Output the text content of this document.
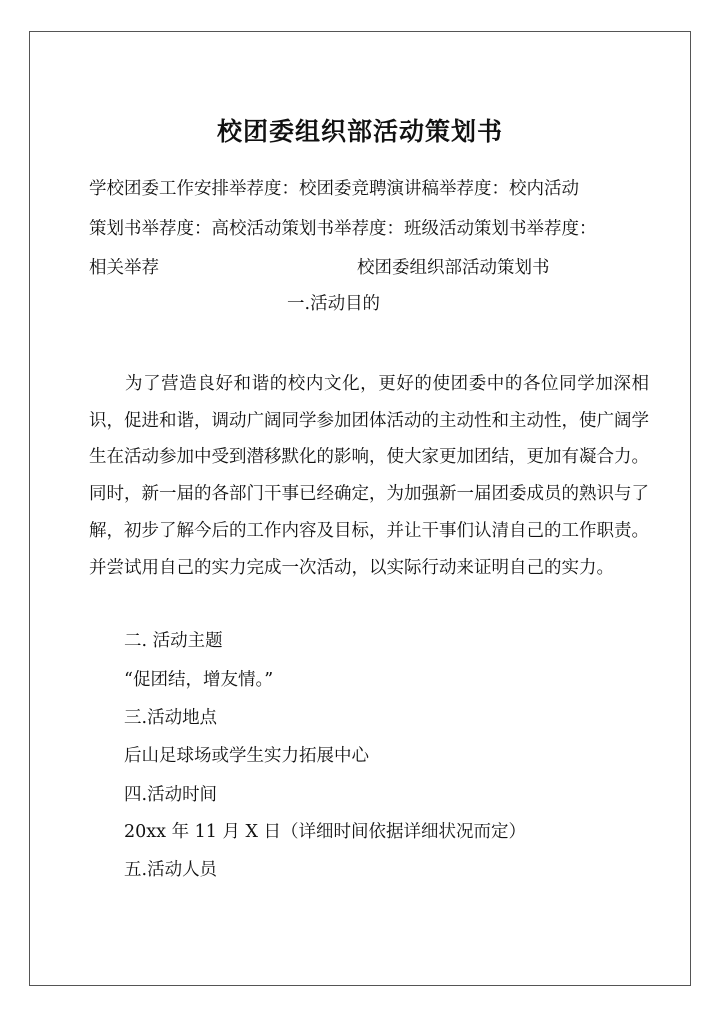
校团委组织部活动策划书
学校团委工作安排举荐度：校团委竞聘演讲稿举荐度：校内活动
策划书举荐度：高校活动策划书举荐度：班级活动策划书举荐度：
相关举荐	校团委组织部活动策划书
一.活动目的
为了营造良好和谐的校内文化，更好的使团委中的各位同学加深相识，促进和谐，调动广阔同学参加团体活动的主动性和主动性，使广阔学生在活动参加中受到潜移默化的影响，使大家更加团结，更加有凝合力。同时，新一届的各部门干事已经确定，为加强新一届团委成员的熟识与了解，初步了解今后的工作内容及目标，并让干事们认清自己的工作职责。并尝试用自己的实力完成一次活动，以实际行动来证明自己的实力。
二. 活动主题
“促团结，增友情。”
三.活动地点
后山足球场或学生实力拓展中心
四.活动时间
20xx 年 11 月 X 日（详细时间依据详细状况而定）
五.活动人员
